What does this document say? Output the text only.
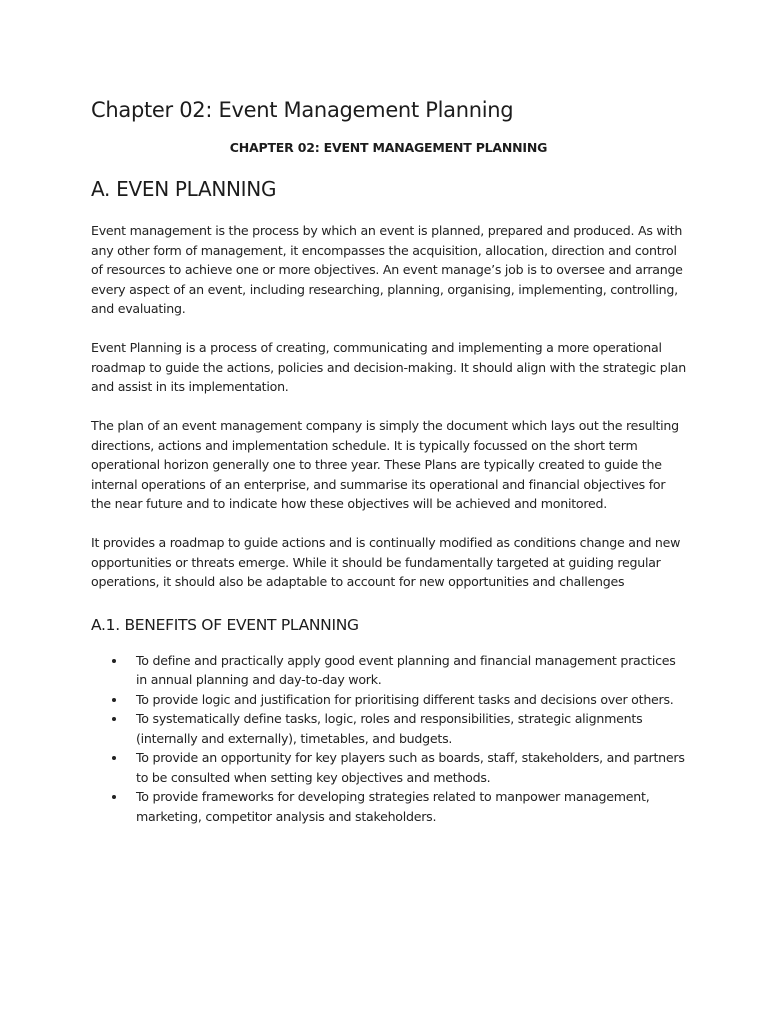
Chapter 02: Event Management Planning
CHAPTER 02: EVENT MANAGEMENT PLANNING
A. EVEN PLANNING

Event management is the process by which an event is planned, prepared and produced. As with any other form of management, it encompasses the acquisition, allocation, direction and control of resources to achieve one or more objectives. An event manage’s job is to oversee and arrange every aspect of an event, including researching, planning, organising, implementing, controlling, and evaluating.

Event Planning is a process of creating, communicating and implementing a more operational roadmap to guide the actions, policies and decision-making. It should align with the strategic plan and assist in its implementation.

The plan of an event management company is simply the document which lays out the resulting directions, actions and implementation schedule. It is typically focussed on the short term operational horizon generally one to three year. These Plans are typically created to guide the internal operations of an enterprise, and summarise its operational and financial objectives for the near future and to indicate how these objectives will be achieved and monitored.

It provides a roadmap to guide actions and is continually modified as conditions change and new opportunities or threats emerge. While it should be fundamentally targeted at guiding regular operations, it should also be adaptable to account for new opportunities and challenges

A.1. BENEFITS OF EVENT PLANNING
To define and practically apply good event planning and financial management practices in annual planning and day-to-day work.
To provide logic and justification for prioritising different tasks and decisions over others.
To systematically define tasks, logic, roles and responsibilities, strategic alignments (internally and externally), timetables, and budgets.
To provide an opportunity for key players such as boards, staff, stakeholders, and partners to be consulted when setting key objectives and methods.
To provide frameworks for developing strategies related to manpower management, marketing, competitor analysis and stakeholders.
